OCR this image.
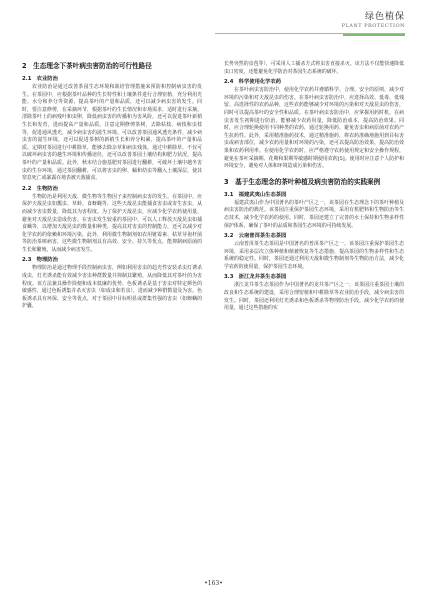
绿色植保
PLANT PROTECTION
2　生态理念下茶叶病虫害防治的可行性路径
2.1　农业防治

农业防治是通过改善茶园生态环境和栽培管理措施来预防和控制病虫害的发生。在茶园中，应根据茶叶品种的生长特性和土壤条件进行合理密植，充分利用光能、水分和养分等资源，提高茶叶的产量和品质，还可以减少病虫害的发生。同时，要注意修剪，在采摘环节，根据茶叶的生长情况和市场需求，适时进行采摘。清除茶叶上的病残叶和虫卵，降低病虫害的传播和为害风险，还可以促进茶叶新梢生长和发育，进而提高产量和品质。注意定期修剪茶树，去除枯枝、病枝和虫枝等，促进通风透光，减少病虫害的滋生环境。可以改善茶园通风透光条件，减少病虫害的滋生环境，还可以促进茶树的新梢生长和养分积累，提高茶叶的产量和品质。定期对茶园进行中耕除草，能够去除杂草和病虫残体，通过中耕除草，不仅可以破坏病虫害的越生环境和传播途径，还可以改善茶园土壤结构和肥力状况，提高茶叶的产量和品质。此外，秋末结合施基肥对茶园进行翻耕，可破坏土壤中越冬害虫的生存环境，通过茶园翻耕，可以将害虫的卵、蛹和幼虫等翻入土壤深层，使其窒息死亡或暴露在地表被天敌捕食。

2.2　生物防治

生物防治是利用天敌、微生物等生物因子来控制病虫害的发生。在茶园中，应保护天敌昆虫如瓢虫、草蛉、食蚜蝇等，这些天敌昆虫能捕食害虫或寄生害虫，从而减少害虫数量，降低其为害程度。为了保护天敌昆虫，应减少化学农药使用量，避免对天敌昆虫造成伤害。在害虫发生较重的茶园中，可以人工释放天敌昆虫如捕食螨等，以增加天敌昆虫的数量和种类，提高其对害虫的控制能力，还可以减少对化学农药的依赖和环境污染。此外，利用微生物制剂如农用链霉素、枯草芽孢杆菌等防治茶树病害，这些微生物制剂具有高效、安全、持久等优点，能抑制病原菌的生长和繁殖，从而减少病害发生。

2.3　物理防治

物理防治是通过物理手段控制病虫害，例如利用害虫的趋光性安装杀虫灯诱杀成虫，灯光诱杀能有效减少害虫种群数量并抑制其繁殖，从而降低其对茶叶的为害程度。该方法兼具操作简便和成本低廉的优势。色板诱杀是基于害虫对特定颜色的敏感性，通过色板诱集并杀灭害虫（如成虫和若虫），进而减少种群数量及为害。色板诱杀具有环保、安全等优点，对于茶园中目标明显或群集性强的害虫（如蚜螨的护囊、

长势突然的虫苞等），可采用人工捕杀方式将虫害直接杀灭。该方法不仅能快速降低虫口密度，还能避免化学防治对茶园生态系统的破坏。

2.4　科学使用化学农药

在茶叶病虫害防治中，使用化学农药并遵循科学、合理、安全的原则，减少对环境的污染和对天敌昆虫的伤害。在茶叶病虫害防治中，应选择高效、低毒、低残留、高选择性的农药品种，这些农药能够减少对环境的污染和对天敌昆虫的伤害，同时可以提高茶叶的安全性和品质。在茶叶病虫害防治中，应掌握用药时机，在病虫害发生初期进行防治，能够减少农药用量，降低防治成本，提高防治效果。同时，应合理轮换使用不同种类的农药，通过轮换用药，避免害虫和病原菌对农药产生抗药性。此外，采用精准施药技术，通过精准施药，将农药准确地施用到目标害虫或病害部位，减少农药用量和对环境的污染，还可以提高防治效果，提高防治效果和农药利用率。在使用化学农药时，应严格遵守农药使用规定和安全操作规程，避免在茶叶采摘期、花期和果期等敏感时期使用农药[5]。使用时应注意个人防护和环境安全，避免对人体和环境造成污染和伤害。

3　基于生态理念的茶叶种植及病虫害防治的实践案例
3.1　福建武夷山生态茶园

福建武夷山作为中国著名的茶叶产区之一，该茶园在生态理念下的茶叶种植及病虫害防治的典范。该茶园注重保护茶园生态环境，采用有机肥料和生物防治等生态技术，减少化学农药的使用。同时，茶园还建立了完善的水土保持和生物多样性保护体系，确保了茶叶的品质和茶园生态环境的可持续发展。

3.2　云南普洱茶生态茶园

云南普洱茶生态茶园是中国著名的普洱茶产区之一，该茶园注重保护茶园生态环境，采用多层次立体种植和植被恢复等生态措施，提高茶园的生物多样性和生态系统的稳定性。同时，茶园还通过利用天敌和微生物制剂等生物防治方法，减少化学农药的使用量，保护茶园生态环境。

3.3　浙江龙井茶生态茶园

浙江龙井茶生态茶园作为中国著名的龙井茶产区之一，该茶园注重茶园土壤的改良和生态系统的建设，采用合理密植和中耕除草等农业防治手段，减少病虫害的发生。同时，茶园还利用灯光诱杀和色板诱杀等物理防治手段，减少化学农药的使用量，通过这些措施的实

•163•
